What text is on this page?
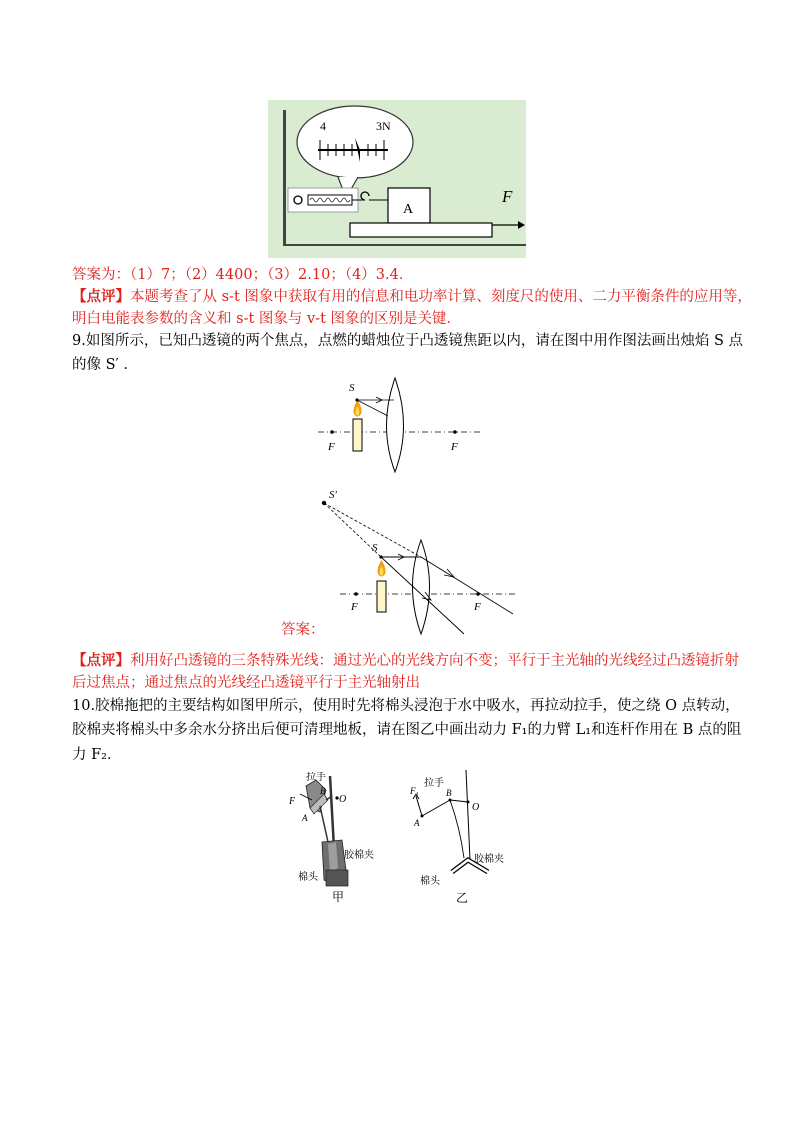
4	3N
A
F
答案为：（1）7；（2）4400；（3）2.10；（4）3.4．
【点评】本题考查了从 s-t 图象中获取有用的信息和电功率计算、刻度尺的使用、二力平衡条件的应用等，
明白电能表参数的含义和 s-t 图象与 v-t 图象的区别是关键．
9.如图所示，已知凸透镜的两个焦点，点燃的蜡烛位于凸透镜焦距以内，请在图中用作图法画出烛焰 S 点
的像 S′ ．
S
F	F
S′
S
F	F
答案：
【点评】利用好凸透镜的三条特殊光线：通过光心的光线方向不变；平行于主光轴的光线经过凸透镜折射
后过焦点；通过焦点的光线经凸透镜平行于主光轴射出
10.胶棉拖把的主要结构如图甲所示，使用时先将棉头浸泡于水中吸水，再拉动拉手，使之绕 O 点转动，
胶棉夹将棉头中多余水分挤出后便可清理地板，请在图乙中画出动力 F₁的力臂 L₁和连杆作用在 B 点的阻
力 F₂．
拉手
F
A
B
O
胶棉夹
棉头
甲
F₁
拉手
A
B
O
胶棉夹
棉头
乙
